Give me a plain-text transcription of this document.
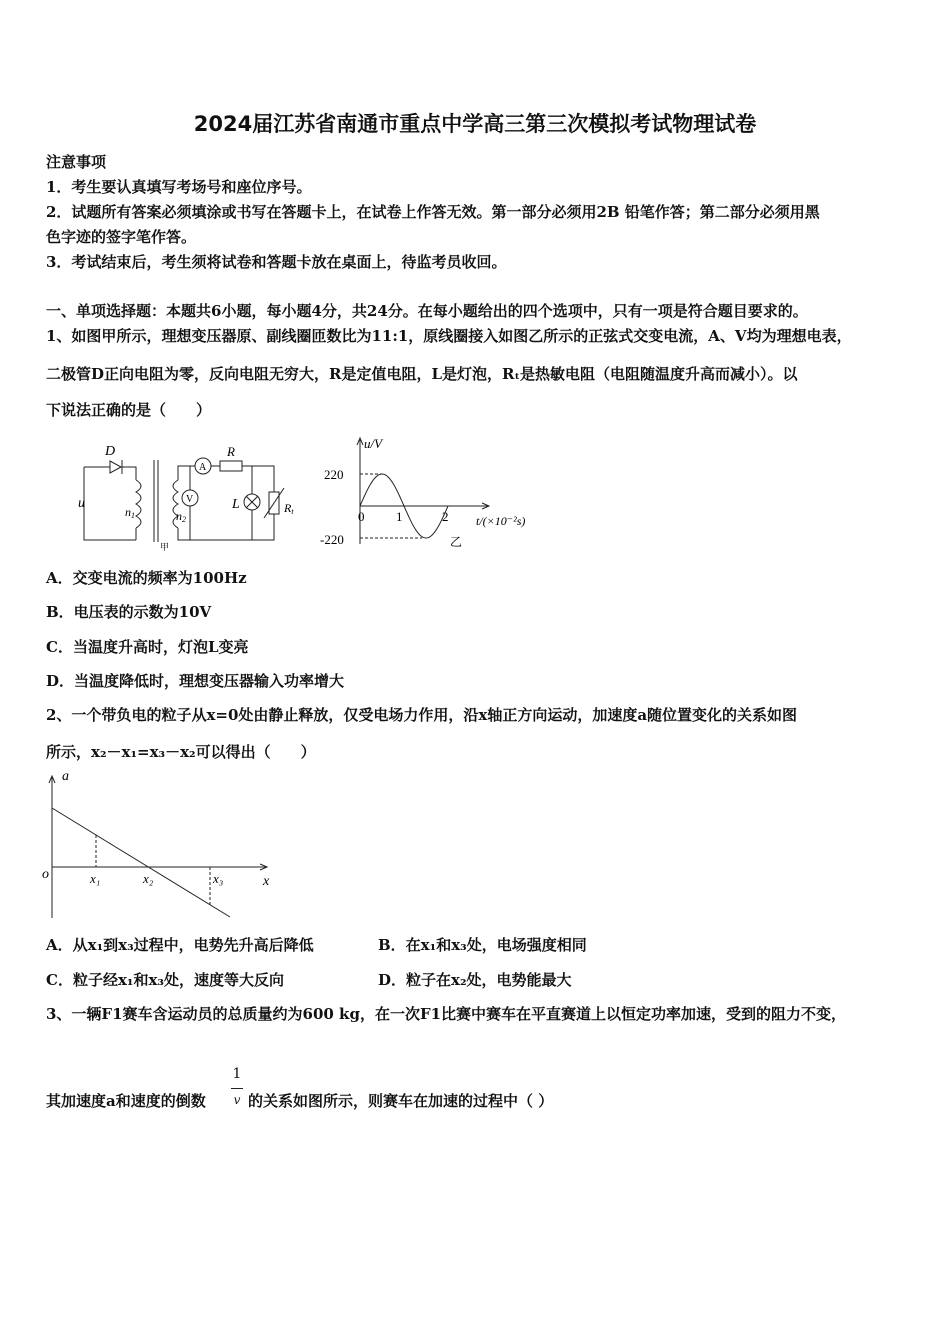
2024届江苏省南通市重点中学高三第三次模拟考试物理试卷
注意事项
1．考生要认真填写考场号和座位序号。
2．试题所有答案必须填涂或书写在答题卡上，在试卷上作答无效。第一部分必须用2B 铅笔作答；第二部分必须用黑
色字迹的签字笔作答。
3．考试结束后，考生须将试卷和答题卡放在桌面上，待监考员收回。
一、单项选择题：本题共6小题，每小题4分，共24分。在每小题给出的四个选项中，只有一项是符合题目要求的。
1、如图甲所示，理想变压器原、副线圈匝数比为11:1，原线圈接入如图乙所示的正弦式交变电流，A、V均为理想电表，
二极管D正向电阻为零，反向电阻无穷大，R是定值电阻，L是灯泡，Rₜ是热敏电阻（电阻随温度升高而减小）。以
下说法正确的是（　　）
D
u
n1	n2
A
V
R
L	Rt
甲
u/V
220
-220
0 1	2 t/(×10⁻²s)
乙
A．交变电流的频率为100Hz
B．电压表的示数为10V
C．当温度升高时，灯泡L变亮
D．当温度降低时，理想变压器输入功率增大
2、一个带负电的粒子从x=0处由静止释放，仅受电场力作用，沿x轴正方向运动，加速度a随位置变化的关系如图
所示，x₂－x₁=x₃－x₂可以得出（　　）
a
o	x₁	x₂	x₃	x
A．从x₁到x₃过程中，电势先升高后降低	B．在x₁和x₃处，电场强度相同
C．粒子经x₁和x₃处，速度等大反向	D．粒子在x₂处，电势能最大
3、一辆F1赛车含运动员的总质量约为600 kg，在一次F1比赛中赛车在平直赛道上以恒定功率加速，受到的阻力不变，
其加速度a和速度的倒数
1
v 的关系如图所示，则赛车在加速的过程中（ ）
